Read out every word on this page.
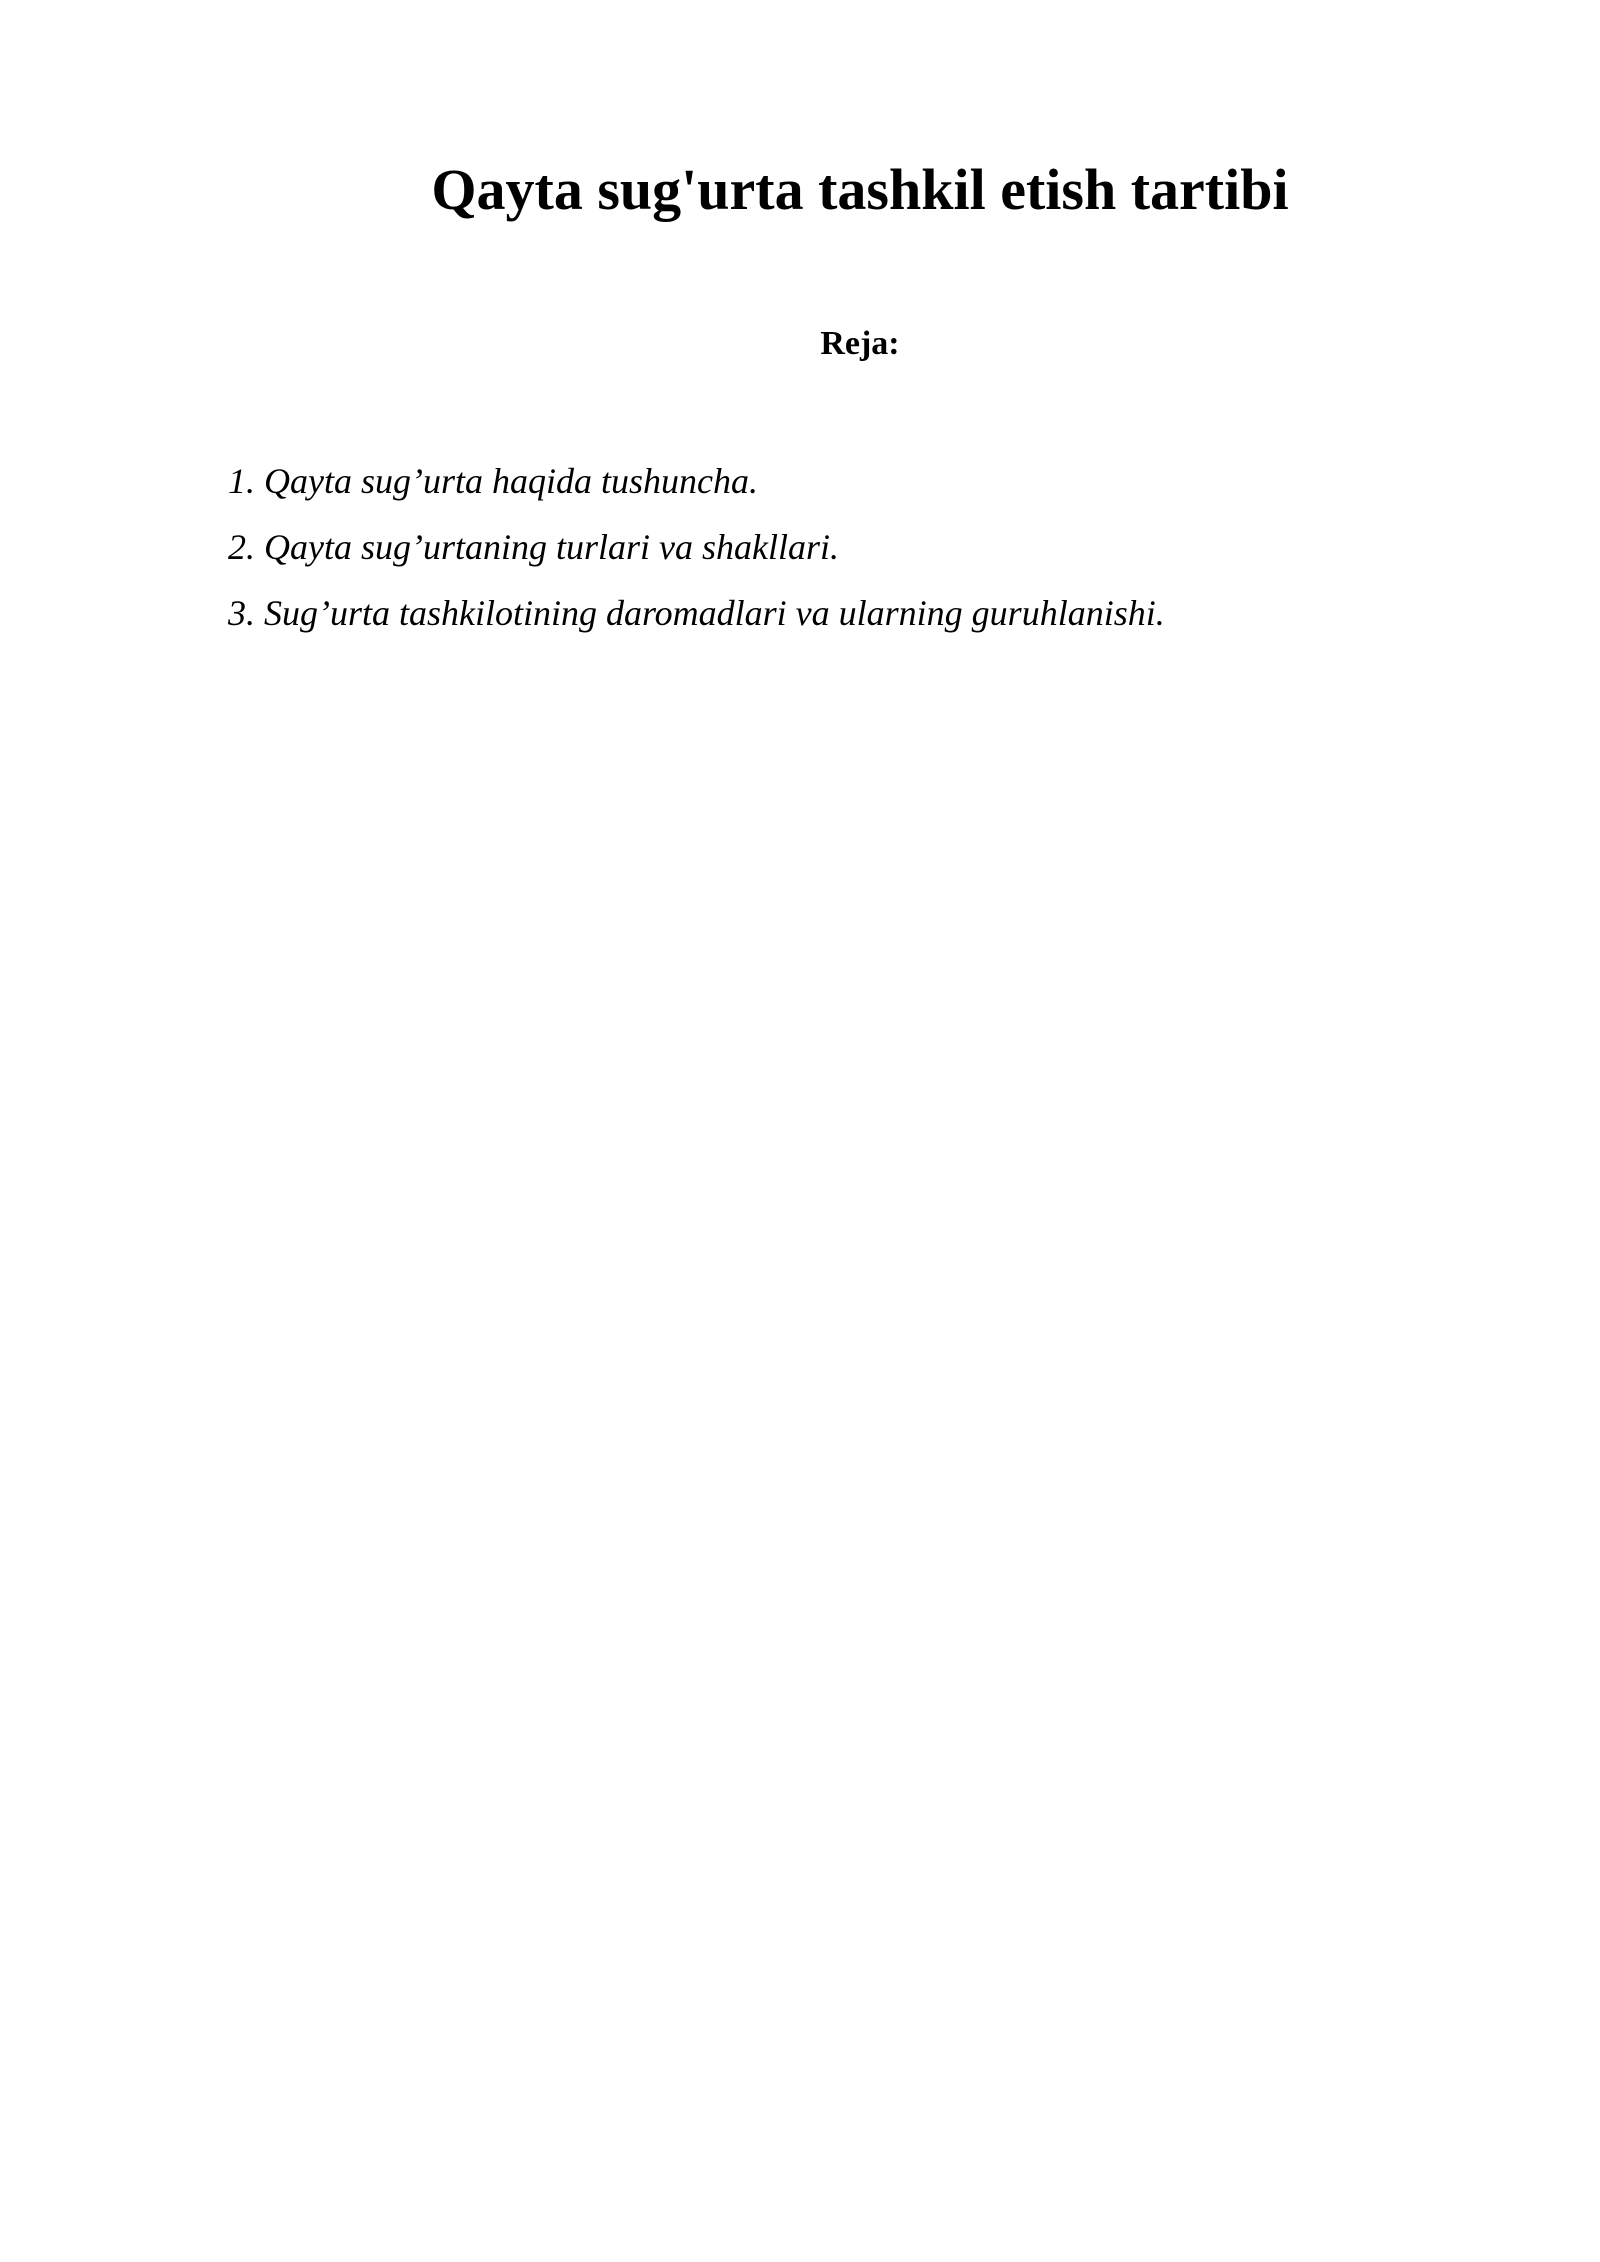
Qayta sug'urta tashkil etish tartibi
Reja:
1. Qayta sug’urta haqida tushuncha.
2. Qayta sug’urtaning turlari va shakllari.
3. Sug’urta tashkilotining daromadlari va ularning guruhlanishi.
